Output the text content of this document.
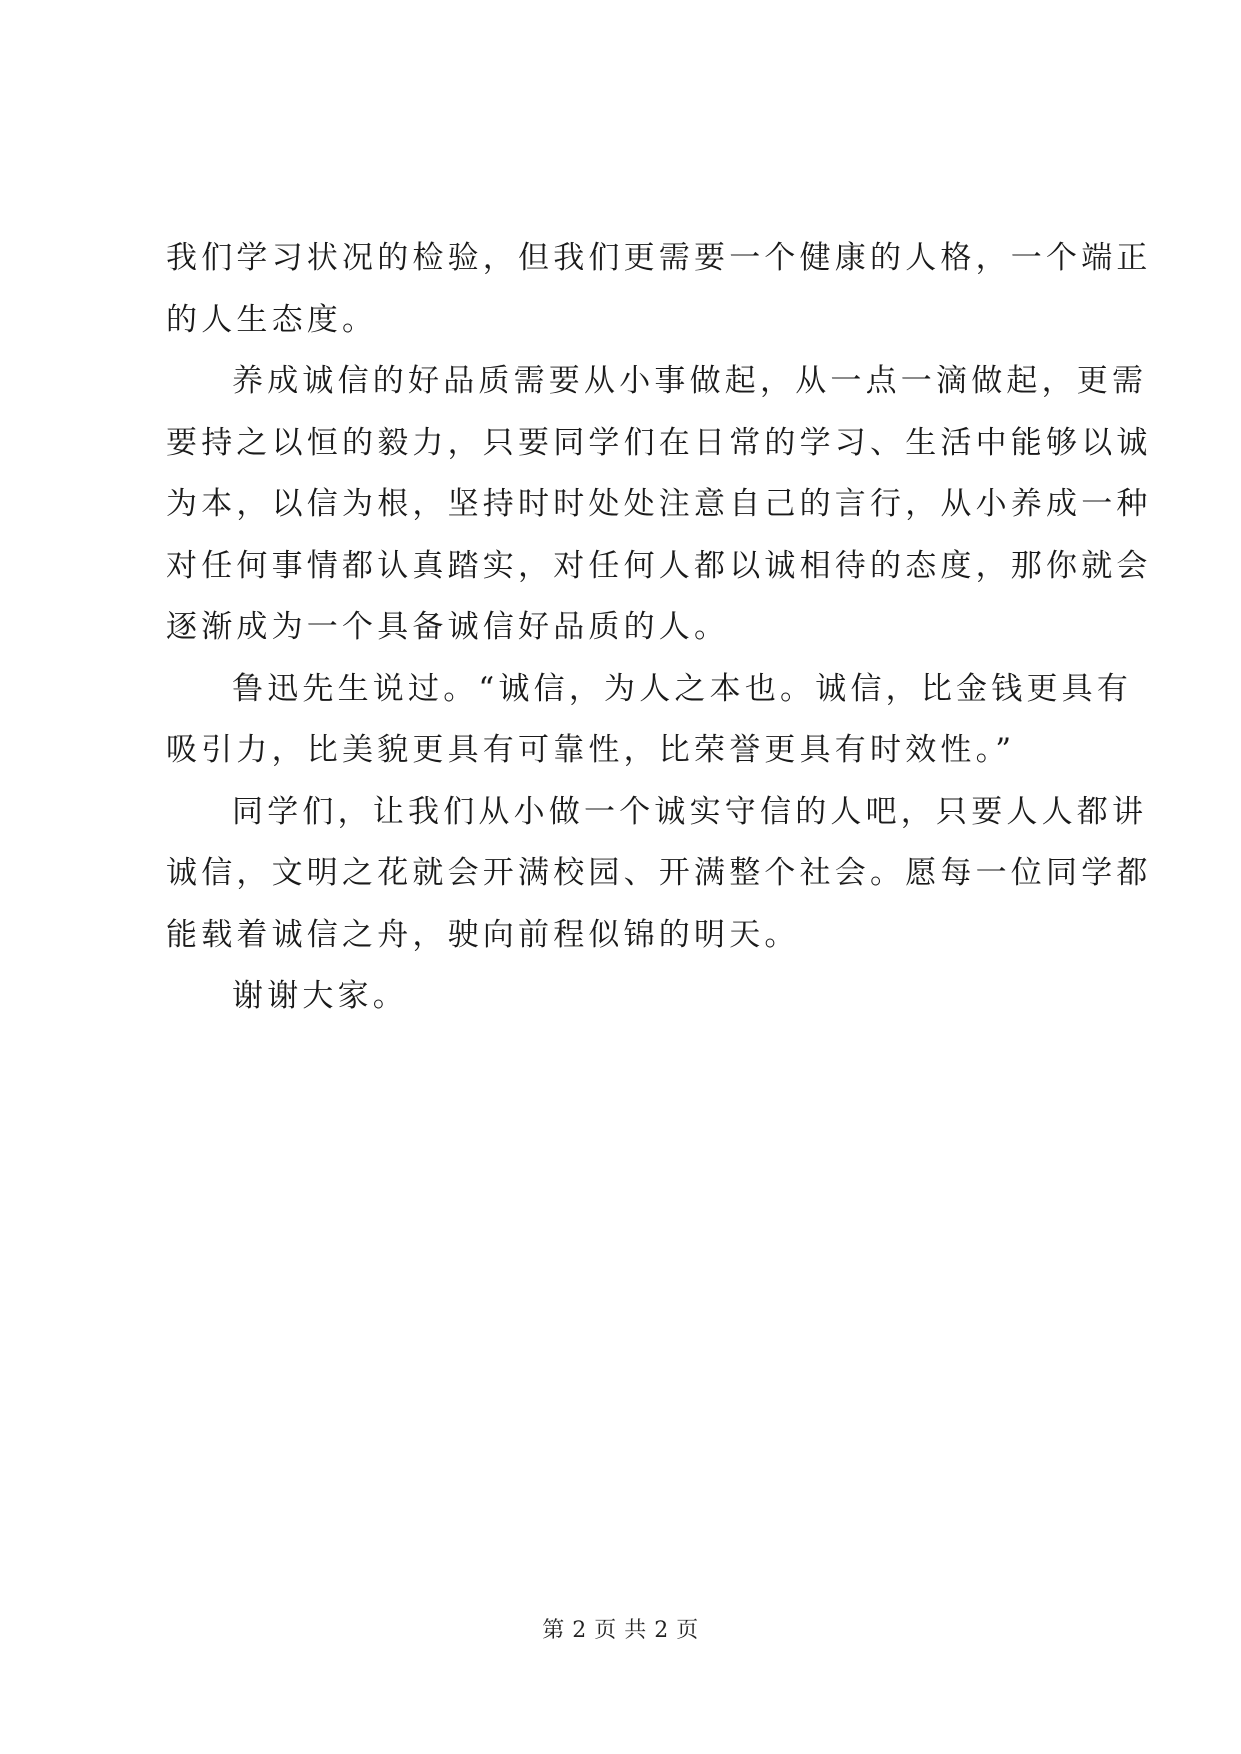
我们学习状况的检验，但我们更需要一个健康的人格，一个端正
的人生态度。
养成诚信的好品质需要从小事做起，从一点一滴做起，更需
要持之以恒的毅力，只要同学们在日常的学习、生活中能够以诚
为本，以信为根，坚持时时处处注意自己的言行，从小养成一种
对任何事情都认真踏实，对任何人都以诚相待的态度，那你就会
逐渐成为一个具备诚信好品质的人。
鲁迅先生说过。“诚信，为人之本也。诚信，比金钱更具有
吸引力，比美貌更具有可靠性，比荣誉更具有时效性。”
同学们，让我们从小做一个诚实守信的人吧，只要人人都讲
诚信，文明之花就会开满校园、开满整个社会。愿每一位同学都
能载着诚信之舟，驶向前程似锦的明天。
谢谢大家。
第 2 页 共 2 页
